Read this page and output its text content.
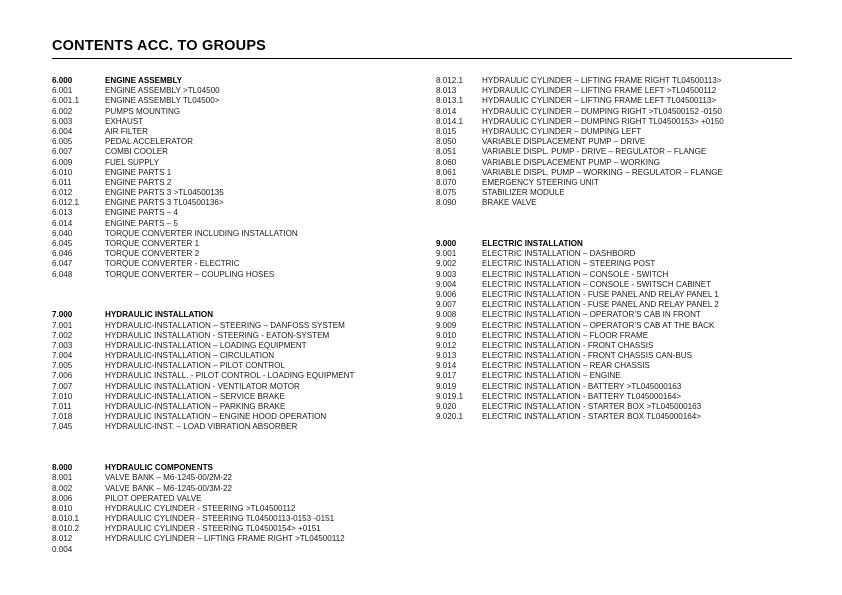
CONTENTS ACC. TO GROUPS
6.000	ENGINE ASSEMBLY
6.001	ENGINE ASSEMBLY >TL04500
6.001.1	ENGINE ASSEMBLY TL04500>
6.002	PUMPS MOUNTING
6.003	EXHAUST
6.004	AIR FILTER
6.005	PEDAL ACCELERATOR
6.007	COMBI COOLER
6.009	FUEL SUPPLY
6.010	ENGINE PARTS 1
6.011	ENGINE PARTS 2
6.012	ENGINE PARTS 3 >TL04500135
6.012.1	ENGINE PARTS 3 TL04500136>
6.013	ENGINE PARTS – 4
6.014	ENGINE PARTS – 5
6.040	TORQUE CONVERTER INCLUDING INSTALLATION
6.045	TORQUE CONVERTER 1
6.046	TORQUE CONVERTER 2
6.047	TORQUE CONVERTER - ELECTRIC
6.048	TORQUE CONVERTER – COUPLING HOSES

7.000	HYDRAULIC INSTALLATION
7.001	HYDRAULIC-INSTALLATION – STEERING – DANFOSS SYSTEM
7.002	HYDRAULIC INSTALLATION - STEERING - EATON-SYSTEM
7.003	HYDRAULIC-INSTALLATION – LOADING EQUIPMENT
7.004	HYDRAULIC-INSTALLATION – CIRCULATION
7.005	HYDRAULIC-INSTALLATION – PILOT CONTROL
7.006	HYDRAULIC INSTALL. - PILOT CONTROL - LOADING EQUIPMENT
7.007	HYDRAULIC INSTALLATION - VENTILATOR MOTOR
7.010	HYDRAULIC-INSTALLATION – SERVICE BRAKE
7.011	HYDRAULIC-INSTALLATION – PARKING BRAKE
7.018	HYDRAULIC INSTALLATION – ENGINE HOOD OPERATION
7.045	HYDRAULIC-INST. – LOAD VIBRATION ABSORBER

8.000	HYDRAULIC COMPONENTS
8.001	VALVE BANK – M6-1245-00/2M-22
8.002	VALVE BANK – M6-1245-00/3M-22
8.006	PILOT OPERATED VALVE
8.010	HYDRAULIC CYLINDER - STEERING >TL04500112
8.010.1	HYDRAULIC CYLINDER - STEERING TL04500113-0153 -0151
8.010.2	HYDRAULIC CYLINDER - STEERING TL04500154> +0151
8.012	HYDRAULIC CYLINDER – LIFTING FRAME RIGHT >TL04500112
8.012.1 HYDRAULIC CYLINDER – LIFTING FRAME RIGHT TL04500113>
8.013	HYDRAULIC CYLINDER – LIFTING FRAME LEFT >TL04500112
8.013.1 HYDRAULIC CYLINDER – LIFTING FRAME LEFT TL04500113>
8.014	HYDRAULIC CYLINDER – DUMPING RIGHT >TL04500152 -0150
8.014.1 HYDRAULIC CYLINDER – DUMPING RIGHT TL04500153> +0150
8.015	HYDRAULIC CYLINDER – DUMPING LEFT
8.050	VARIABLE DISPLACEMENT PUMP – DRIVE
8.051	VARIABLE DISPL. PUMP - DRIVE – REGULATOR – FLANGE
8.060	VARIABLE DISPLACEMENT PUMP – WORKING
8.061	VARIABLE DISPL. PUMP – WORKING – REGULATOR – FLANGE
8.070	EMERGENCY STEERING UNIT
8.075	STABILIZER MODULE
8.090	BRAKE VALVE

9.000	ELECTRIC INSTALLATION
9.001	ELECTRIC INSTALLATION – DASHBORD
9.002	ELECTRIC INSTALLATION – STEERING POST
9.003	ELECTRIC INSTALLATION – CONSOLE - SWITCH
9.004	ELECTRIC INSTALLATION – CONSOLE - SWITSCH CABINET
9.006	ELECTRIC INSTALLATION - FUSE PANEL AND RELAY PANEL 1
9.007	ELECTRIC INSTALLATION - FUSE PANEL AND RELAY PANEL 2
9.008	ELECTRIC INSTALLATION – OPERATOR’S CAB IN FRONT
9.009	ELECTRIC INSTALLATION – OPERATOR’S CAB AT THE BACK
9.010	ELECTRIC INSTALLATION – FLOOR FRAME
9.012	ELECTRIC INSTALLATION - FRONT CHASSIS
9.013	ELECTRIC INSTALLATION - FRONT CHASSIS CAN-BUS
9.014	ELECTRIC INSTALLATION – REAR CHASSIS
9.017	ELECTRIC INSTALLATION – ENGINE
9.019	ELECTRIC INSTALLATION - BATTERY >TL045000163
9.019.1 ELECTRIC INSTALLATION - BATTERY TL045000164>
9.020	ELECTRIC INSTALLATION - STARTER BOX >TL045000163
9.020.1 ELECTRIC INSTALLATION - STARTER BOX TL045000164>
0.004
